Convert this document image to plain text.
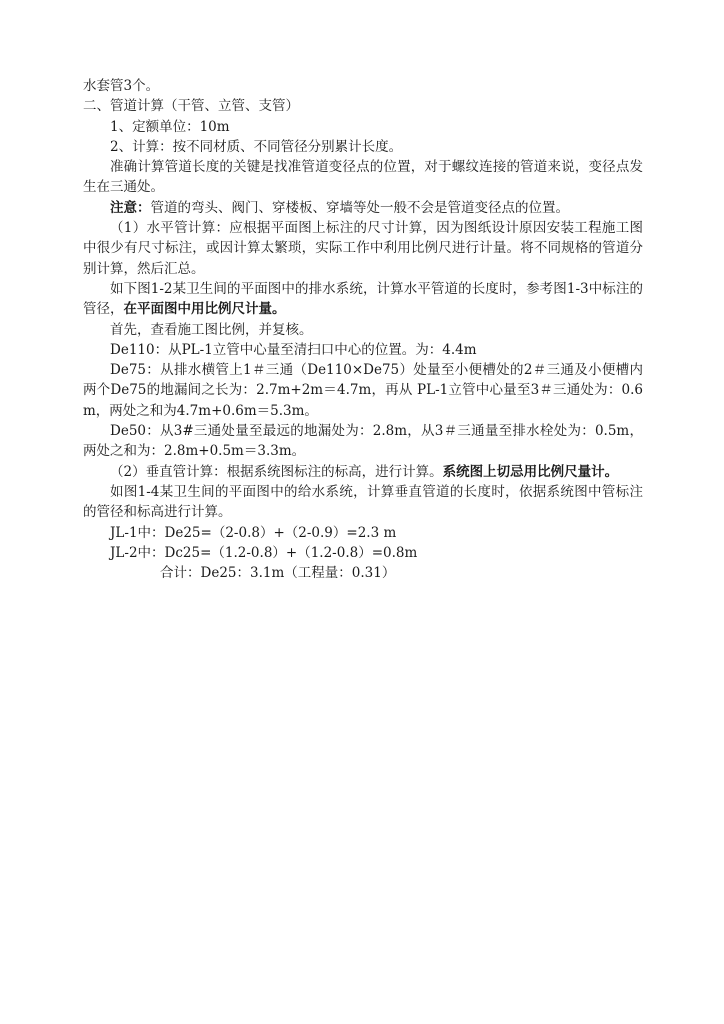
水套管3个。

二、管道计算（干管、立管、支管）

1、定额单位：10m

2、计算：按不同材质、不同管径分别累计长度。

准确计算管道长度的关键是找准管道变径点的位置，对于螺纹连接的管道来说，变径点发生在三通处。

注意：管道的弯头、阀门、穿楼板、穿墙等处一般不会是管道变径点的位置。

（1）水平管计算：应根据平面图上标注的尺寸计算，因为图纸设计原因安装工程施工图中很少有尺寸标注，或因计算太繁琐，实际工作中利用比例尺进行计量。将不同规格的管道分别计算，然后汇总。

如下图1-2某卫生间的平面图中的排水系统，计算水平管道的长度时，参考图1-3中标注的管径，在平面图中用比例尺计量。

首先，查看施工图比例，并复核。

De110：从PL-1立管中心量至清扫口中心的位置。为：4.4m

De75：从排水横管上1＃三通（De110×De75）处量至小便槽处的2＃三通及小便槽内两个De75的地漏间之长为：2.7m+2m＝4.7m，再从 PL-1立管中心量至3＃三通处为：0.6m，两处之和为4.7m+0.6m＝5.3m。

De50：从3#三通处量至最远的地漏处为：2.8m，从3＃三通量至排水栓处为：0.5m，两处之和为：2.8m+0.5m＝3.3m。

（2）垂直管计算：根据系统图标注的标高，进行计算。系统图上切忌用比例尺量计。

如图1-4某卫生间的平面图中的给水系统，计算垂直管道的长度时，依据系统图中管标注的管径和标高进行计算。

JL-1中：De25=（2-0.8）+（2-0.9）=2.3 m

JL-2中：Dc25=（1.2-0.8）+（1.2-0.8）=0.8m

合计：De25：3.1m（工程量：0.31）
